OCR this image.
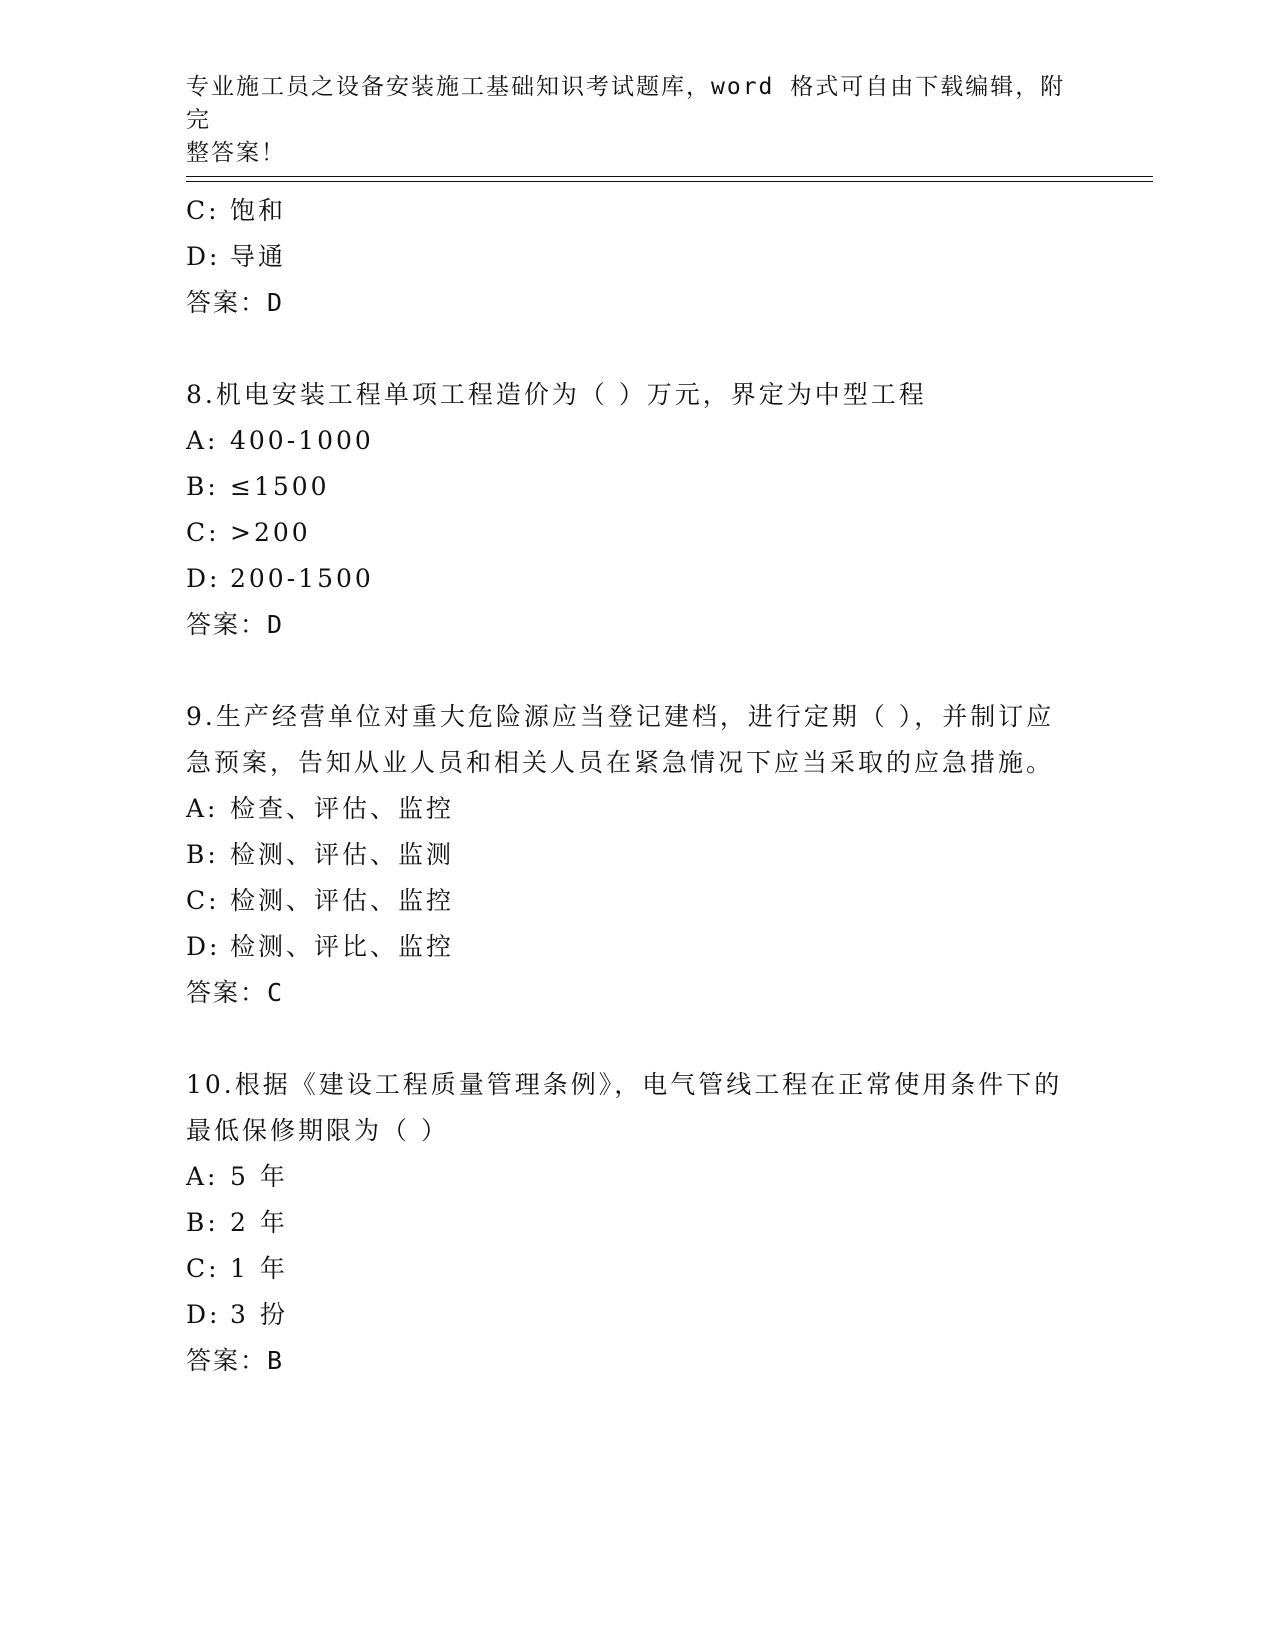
专业施工员之设备安装施工基础知识考试题库，word 格式可自由下载编辑，附完
整答案！
C: 饱和
D: 导通
答案：D
8.机电安装工程单项工程造价为（ ）万元，界定为中型工程
A: 400-1000
B: ≤1500
C: >200
D: 200-1500
答案：D
9.生产经营单位对重大危险源应当登记建档，进行定期（ ），并制订应急预案，告知从业人员和相关人员在紧急情况下应当采取的应急措施。
A: 检查、评估、监控
B: 检测、评估、监测
C: 检测、评估、监控
D: 检测、评比、监控
答案：C
10.根据《建设工程质量管理条例》，电气管线工程在正常使用条件下的最低保修期限为（ ）
A: 5 年
B: 2 年
C: 1 年
D: 3 扮
答案：B
